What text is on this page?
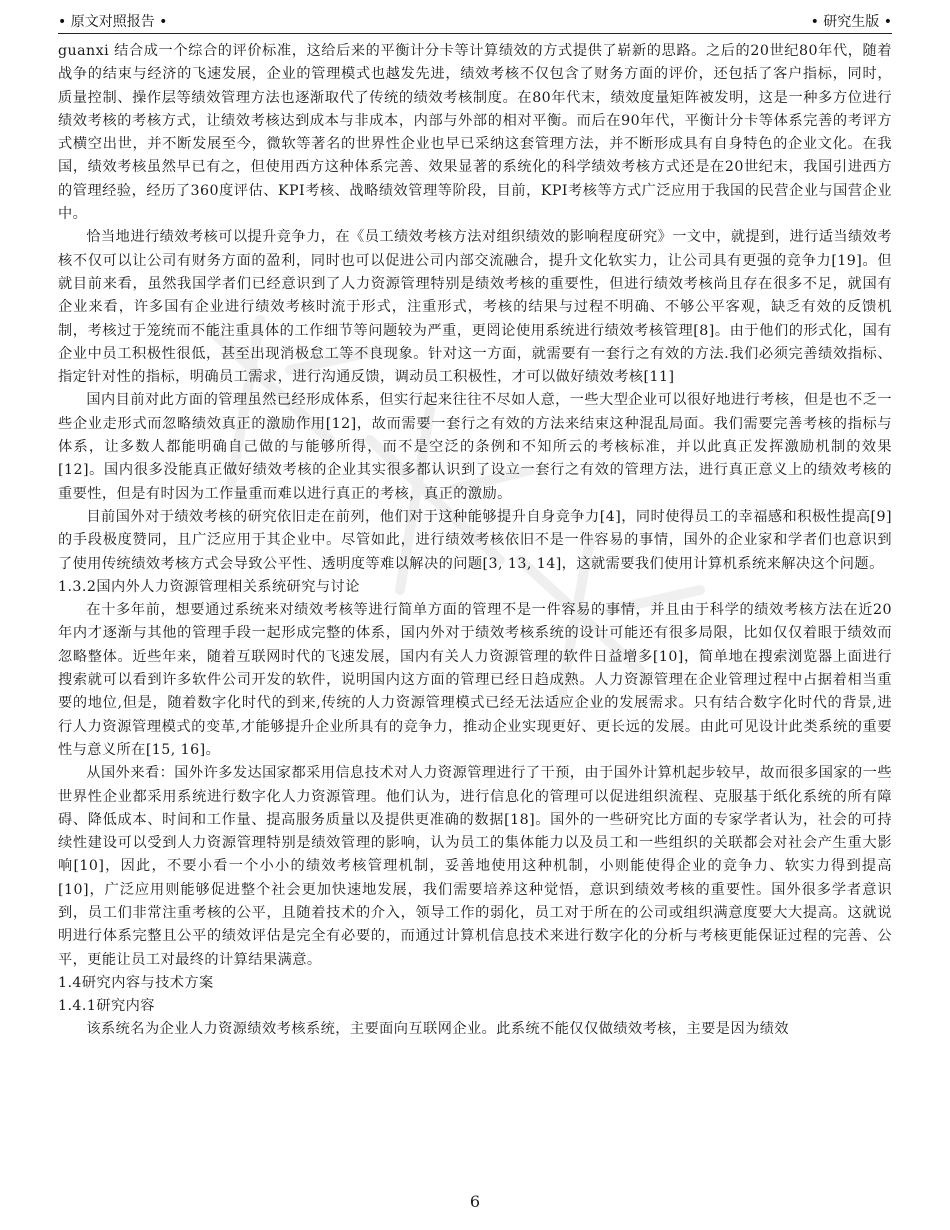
• 原文对照报告 •	• 研究生版 •

guanxi 结合成一个综合的评价标准，这给后来的平衡计分卡等计算绩效的方式提供了崭新的思路。之后的20世纪80年代，随着战争的结束与经济的飞速发展，企业的管理模式也越发先进，绩效考核不仅包含了财务方面的评价，还包括了客户指标，同时，质量控制、操作层等绩效管理方法也逐渐取代了传统的绩效考核制度。在80年代末，绩效度量矩阵被发明，这是一种多方位进行绩效考核的考核方式，让绩效考核达到成本与非成本，内部与外部的相对平衡。而后在90年代，平衡计分卡等体系完善的考评方式横空出世，并不断发展至今，微软等著名的世界性企业也早已采纳这套管理方法，并不断形成具有自身特色的企业文化。在我国，绩效考核虽然早已有之，但使用西方这种体系完善、效果显著的系统化的科学绩效考核方式还是在20世纪末，我国引进西方的管理经验，经历了360度评估、KPI考核、战略绩效管理等阶段，目前，KPI考核等方式广泛应用于我国的民营企业与国营企业中。

恰当地进行绩效考核可以提升竞争力，在《员工绩效考核方法对组织绩效的影响程度研究》一文中，就提到，进行适当绩效考核不仅可以让公司有财务方面的盈利，同时也可以促进公司内部交流融合，提升文化软实力，让公司具有更强的竞争力[19]。但就目前来看，虽然我国学者们已经意识到了人力资源管理特别是绩效考核的重要性，但进行绩效考核尚且存在很多不足，就国有企业来看，许多国有企业进行绩效考核时流于形式，注重形式，考核的结果与过程不明确、不够公平客观，缺乏有效的反馈机制，考核过于笼统而不能注重具体的工作细节等问题较为严重，更罔论使用系统进行绩效考核管理[8]。由于他们的形式化，国有企业中员工积极性很低，甚至出现消极怠工等不良现象。针对这一方面，就需要有一套行之有效的方法.我们必须完善绩效指标、指定针对性的指标，明确员工需求，进行沟通反馈，调动员工积极性，才可以做好绩效考核[11]

国内目前对此方面的管理虽然已经形成体系，但实行起来往往不尽如人意，一些大型企业可以很好地进行考核，但是也不乏一些企业走形式而忽略绩效真正的激励作用[12]，故而需要一套行之有效的方法来结束这种混乱局面。我们需要完善考核的指标与体系，让多数人都能明确自己做的与能够所得，而不是空泛的条例和不知所云的考核标准，并以此真正发挥激励机制的效果[12]。国内很多没能真正做好绩效考核的企业其实很多都认识到了设立一套行之有效的管理方法，进行真正意义上的绩效考核的重要性，但是有时因为工作量重而难以进行真正的考核，真正的激励。

目前国外对于绩效考核的研究依旧走在前列，他们对于这种能够提升自身竞争力[4]，同时使得员工的幸福感和积极性提高[9]的手段极度赞同，且广泛应用于其企业中。尽管如此，进行绩效考核依旧不是一件容易的事情，国外的企业家和学者们也意识到了使用传统绩效考核方式会导致公平性、透明度等难以解决的问题[3, 13, 14]，这就需要我们使用计算机系统来解决这个问题。

1.3.2国内外人力资源管理相关系统研究与讨论

在十多年前，想要通过系统来对绩效考核等进行简单方面的管理不是一件容易的事情，并且由于科学的绩效考核方法在近20年内才逐渐与其他的管理手段一起形成完整的体系，国内外对于绩效考核系统的设计可能还有很多局限，比如仅仅着眼于绩效而忽略整体。近些年来，随着互联网时代的飞速发展，国内有关人力资源管理的软件日益增多[10]，简单地在搜索浏览器上面进行搜索就可以看到许多软件公司开发的软件，说明国内这方面的管理已经日趋成熟。人力资源管理在企业管理过程中占据着相当重要的地位,但是，随着数字化时代的到来,传统的人力资源管理模式已经无法适应企业的发展需求。只有结合数字化时代的背景,进行人力资源管理模式的变革,才能够提升企业所具有的竞争力，推动企业实现更好、更长远的发展。由此可见设计此类系统的重要性与意义所在[15, 16]。

从国外来看：国外许多发达国家都采用信息技术对人力资源管理进行了干预，由于国外计算机起步较早，故而很多国家的一些世界性企业都采用系统进行数字化人力资源管理。他们认为，进行信息化的管理可以促进组织流程、克服基于纸化系统的所有障碍、降低成本、时间和工作量、提高服务质量以及提供更准确的数据[18]。国外的一些研究比方面的专家学者认为，社会的可持续性建设可以受到人力资源管理特别是绩效管理的影响，认为员工的集体能力以及员工和一些组织的关联都会对社会产生重大影响[10]，因此，不要小看一个小小的绩效考核管理机制，妥善地使用这种机制，小则能使得企业的竞争力、软实力得到提高[10]，广泛应用则能够促进整个社会更加快速地发展，我们需要培养这种觉悟，意识到绩效考核的重要性。国外很多学者意识到，员工们非常注重考核的公平，且随着技术的介入，领导工作的弱化，员工对于所在的公司或组织满意度要大大提高。这就说明进行体系完整且公平的绩效评估是完全有必要的，而通过计算机信息技术来进行数字化的分析与考核更能保证过程的完善、公平，更能让员工对最终的计算结果满意。

1.4研究内容与技术方案

1.4.1研究内容

该系统名为企业人力资源绩效考核系统，主要面向互联网企业。此系统不能仅仅做绩效考核，主要是因为绩效

6
